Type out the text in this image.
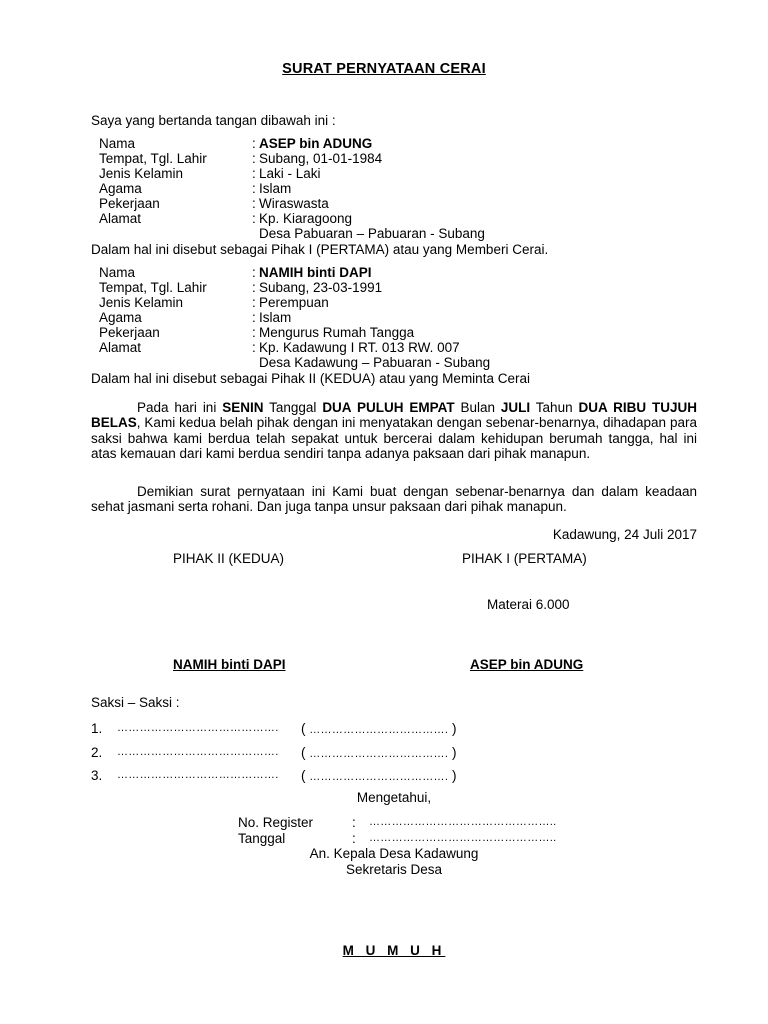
SURAT PERNYATAAN CERAI
Saya yang bertanda tangan dibawah ini :
Nama	: ASEP bin ADUNG
Tempat, Tgl. Lahir	: Subang, 01-01-1984
Jenis Kelamin	: Laki - Laki
Agama	: Islam
Pekerjaan	: Wiraswasta
Alamat	: Kp. Kiaragoong
Desa Pabuaran – Pabuaran - Subang
Dalam hal ini disebut sebagai Pihak I (PERTAMA) atau yang Memberi Cerai.
Nama	: NAMIH binti DAPI
Tempat, Tgl. Lahir	: Subang, 23-03-1991
Jenis Kelamin	: Perempuan
Agama	: Islam
Pekerjaan	: Mengurus Rumah Tangga
Alamat	: Kp. Kadawung I RT. 013 RW. 007
Desa Kadawung – Pabuaran - Subang
Dalam hal ini disebut sebagai Pihak II (KEDUA) atau yang Meminta Cerai
Pada hari ini SENIN Tanggal DUA PULUH EMPAT Bulan JULI Tahun DUA RIBU TUJUH BELAS, Kami kedua belah pihak dengan ini menyatakan dengan sebenar-benarnya, dihadapan para saksi bahwa kami berdua telah sepakat untuk bercerai dalam kehidupan berumah tangga, hal ini atas kemauan dari kami berdua sendiri tanpa adanya paksaan dari pihak manapun.
Demikian surat pernyataan ini Kami buat dengan sebenar-benarnya dan dalam keadaan sehat jasmani serta rohani. Dan juga tanpa unsur paksaan dari pihak manapun.
Kadawung, 24 Juli 2017
PIHAK II (KEDUA)	PIHAK I (PERTAMA)
Materai 6.000
NAMIH binti DAPI	ASEP bin ADUNG
Saksi – Saksi :
1. ……………………………………. ( ………………………………. )
2. ……………………………………. ( ………………………………. )
3. ……………………………………. ( ………………………………. )
Mengetahui,
No. Register	: …………………………………………..
Tanggal	: …………………………………………..
An. Kepala Desa Kadawung
Sekretaris Desa
M U M U H
